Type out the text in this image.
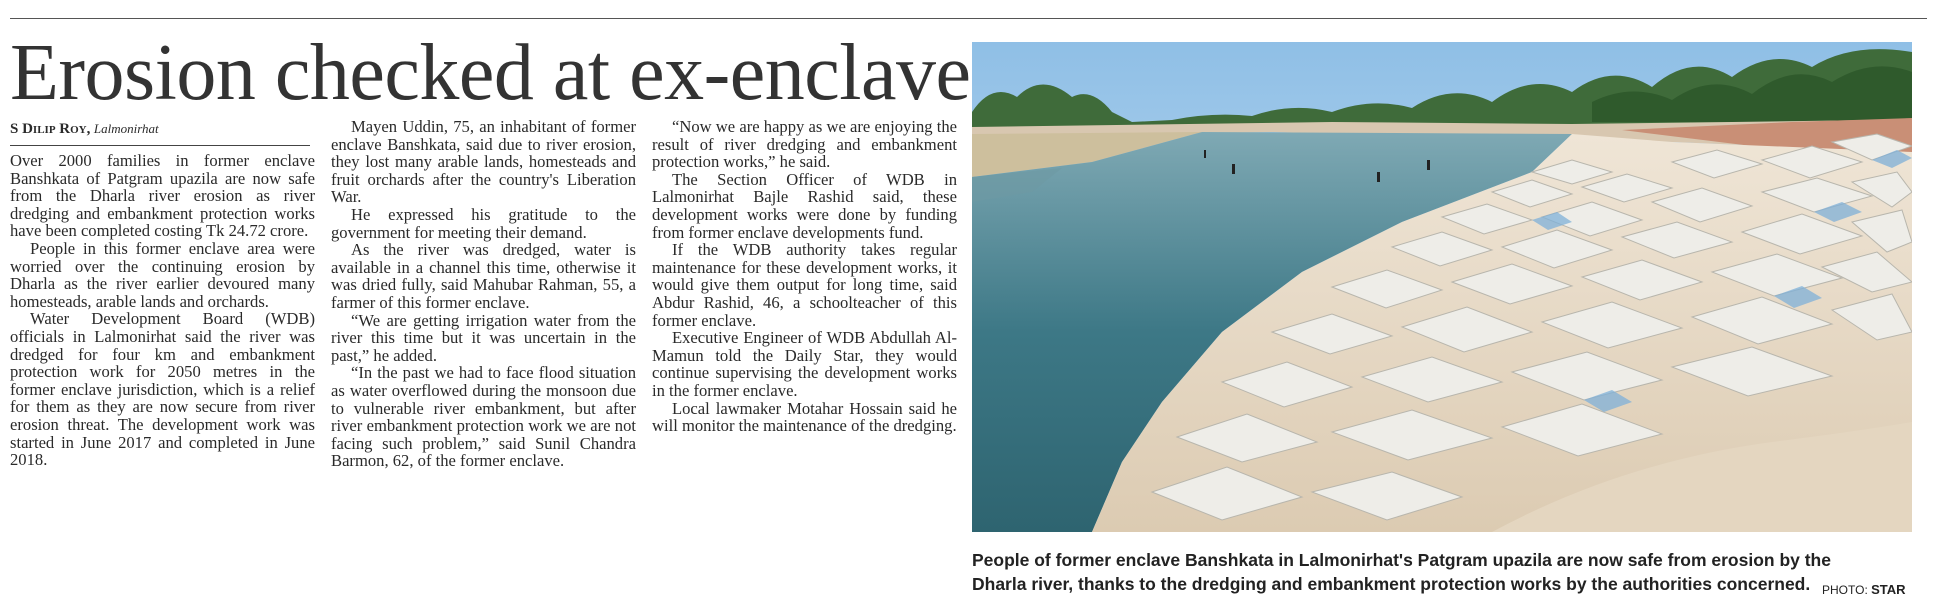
Erosion checked at ex-enclave
S Dilip Roy, Lalmonirhat

Over 2000 families in former enclave Banshkata of Patgram upazila are now safe from the Dharla river erosion as river dredging and embankment protection works have been completed costing Tk 24.72 crore.

People in this former enclave area were worried over the continuing erosion by Dharla as the river earlier devoured many homesteads, arable lands and orchards.

Water Development Board (WDB) officials in Lalmonirhat said the river was dredged for four km and embankment protection work for 2050 metres in the former enclave jurisdiction, which is a relief for them as they are now secure from river erosion threat. The development work was started in June 2017 and completed in June 2018.

Mayen Uddin, 75, an inhabitant of former enclave Banshkata, said due to river erosion, they lost many arable lands, homesteads and fruit orchards after the country's Liberation War.

He expressed his gratitude to the government for meeting their demand.

As the river was dredged, water is available in a channel this time, otherwise it was dried fully, said Mahubar Rahman, 55, a farmer of this former enclave.

“We are getting irrigation water from the river this time but it was uncertain in the past,” he added.

“In the past we had to face flood situation as water overflowed during the monsoon due to vulnerable river embankment, but after river embankment protection work we are not facing such problem,” said Sunil Chandra Barmon, 62, of the former enclave.

“Now we are happy as we are enjoying the result of river dredging and embankment protection works,” he said.

The Section Officer of WDB in Lalmonirhat Bajle Rashid said, these development works were done by funding from former enclave developments fund.

If the WDB authority takes regular maintenance for these development works, it would give them output for long time, said Abdur Rashid, 46, a schoolteacher of this former enclave.

Executive Engineer of WDB Abdullah Al-Mamun told the Daily Star, they would continue supervising the development works in the former enclave.

Local lawmaker Motahar Hossain said he will monitor the maintenance of the dredging.

People of former enclave Banshkata in Lalmonirhat's Patgram upazila are now safe from erosion by the Dharla river, thanks to the dredging and embankment protection works by the authorities concerned. PHOTO: STAR
